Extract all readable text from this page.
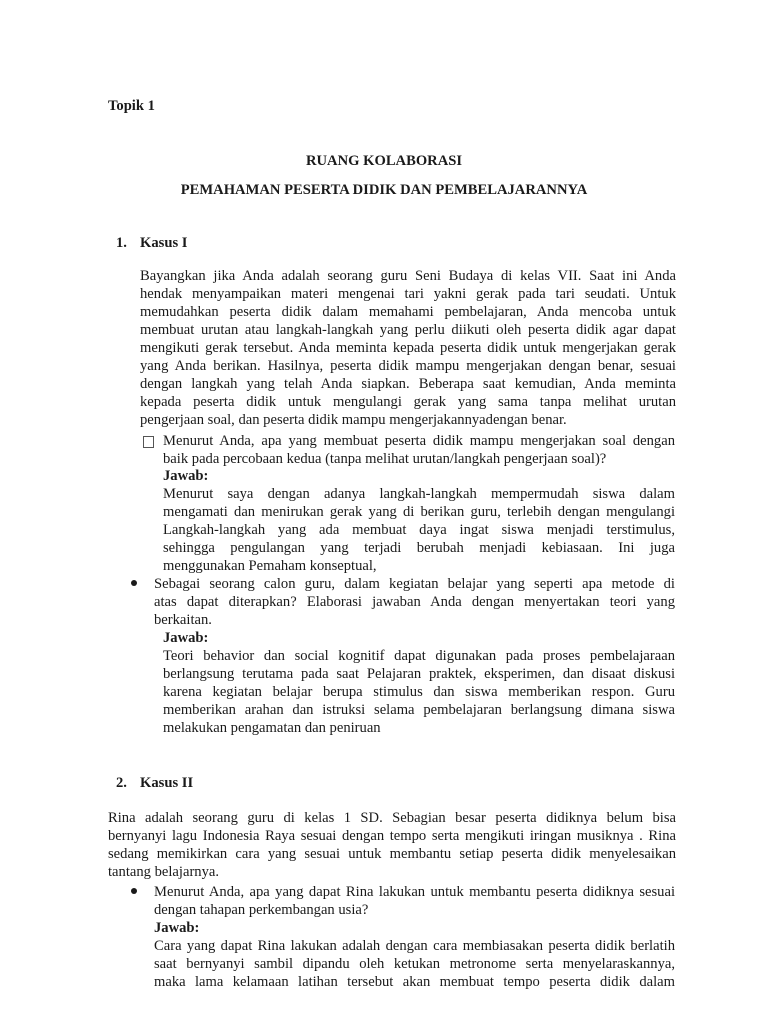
Topik 1
RUANG KOLABORASI
PEMAHAMAN PESERTA DIDIK DAN PEMBELAJARANNYA
1. Kasus I
Bayangkan jika Anda adalah seorang guru Seni Budaya di kelas VII. Saat ini Anda
hendak menyampaikan materi mengenai tari yakni gerak pada tari seudati. Untuk
memudahkan peserta didik dalam memahami pembelajaran, Anda mencoba untuk
membuat urutan atau langkah-langkah yang perlu diikuti oleh peserta didik agar dapat
mengikuti gerak tersebut. Anda meminta kepada peserta didik untuk mengerjakan gerak
yang Anda berikan. Hasilnya, peserta didik mampu mengerjakan dengan benar, sesuai
dengan langkah yang telah Anda siapkan. Beberapa saat kemudian, Anda meminta
kepada peserta didik untuk mengulangi gerak yang sama tanpa melihat urutan
pengerjaan soal, dan peserta didik mampu mengerjakannyadengan benar.
Menurut Anda, apa yang membuat peserta didik mampu mengerjakan soal dengan
baik pada percobaan kedua (tanpa melihat urutan/langkah pengerjaan soal)?
Jawab:
Menurut saya dengan adanya langkah-langkah mempermudah siswa dalam
mengamati dan menirukan gerak yang di berikan guru, terlebih dengan mengulangi
Langkah-langkah yang ada membuat daya ingat siswa menjadi terstimulus,
sehingga pengulangan yang terjadi berubah menjadi kebiasaan. Ini juga
menggunakan Pemaham konseptual,
Sebagai seorang calon guru, dalam kegiatan belajar yang seperti apa metode di
atas dapat diterapkan? Elaborasi jawaban Anda dengan menyertakan teori yang
berkaitan.
Jawab:
Teori behavior dan social kognitif dapat digunakan pada proses pembelajaraan
berlangsung terutama pada saat Pelajaran praktek, eksperimen, dan disaat diskusi
karena kegiatan belajar berupa stimulus dan siswa memberikan respon. Guru
memberikan arahan dan istruksi selama pembelajaran berlangsung dimana siswa
melakukan pengamatan dan peniruan
2. Kasus II
Rina adalah seorang guru di kelas 1 SD. Sebagian besar peserta didiknya belum bisa
bernyanyi lagu Indonesia Raya sesuai dengan tempo serta mengikuti iringan musiknya . Rina
sedang memikirkan cara yang sesuai untuk membantu setiap peserta didik menyelesaikan
tantang belajarnya.
Menurut Anda, apa yang dapat Rina lakukan untuk membantu peserta didiknya sesuai
dengan tahapan perkembangan usia?
Jawab:
Cara yang dapat Rina lakukan adalah dengan cara membiasakan peserta didik berlatih
saat bernyanyi sambil dipandu oleh ketukan metronome serta menyelaraskannya,
maka lama kelamaan latihan tersebut akan membuat tempo peserta didik dalam
